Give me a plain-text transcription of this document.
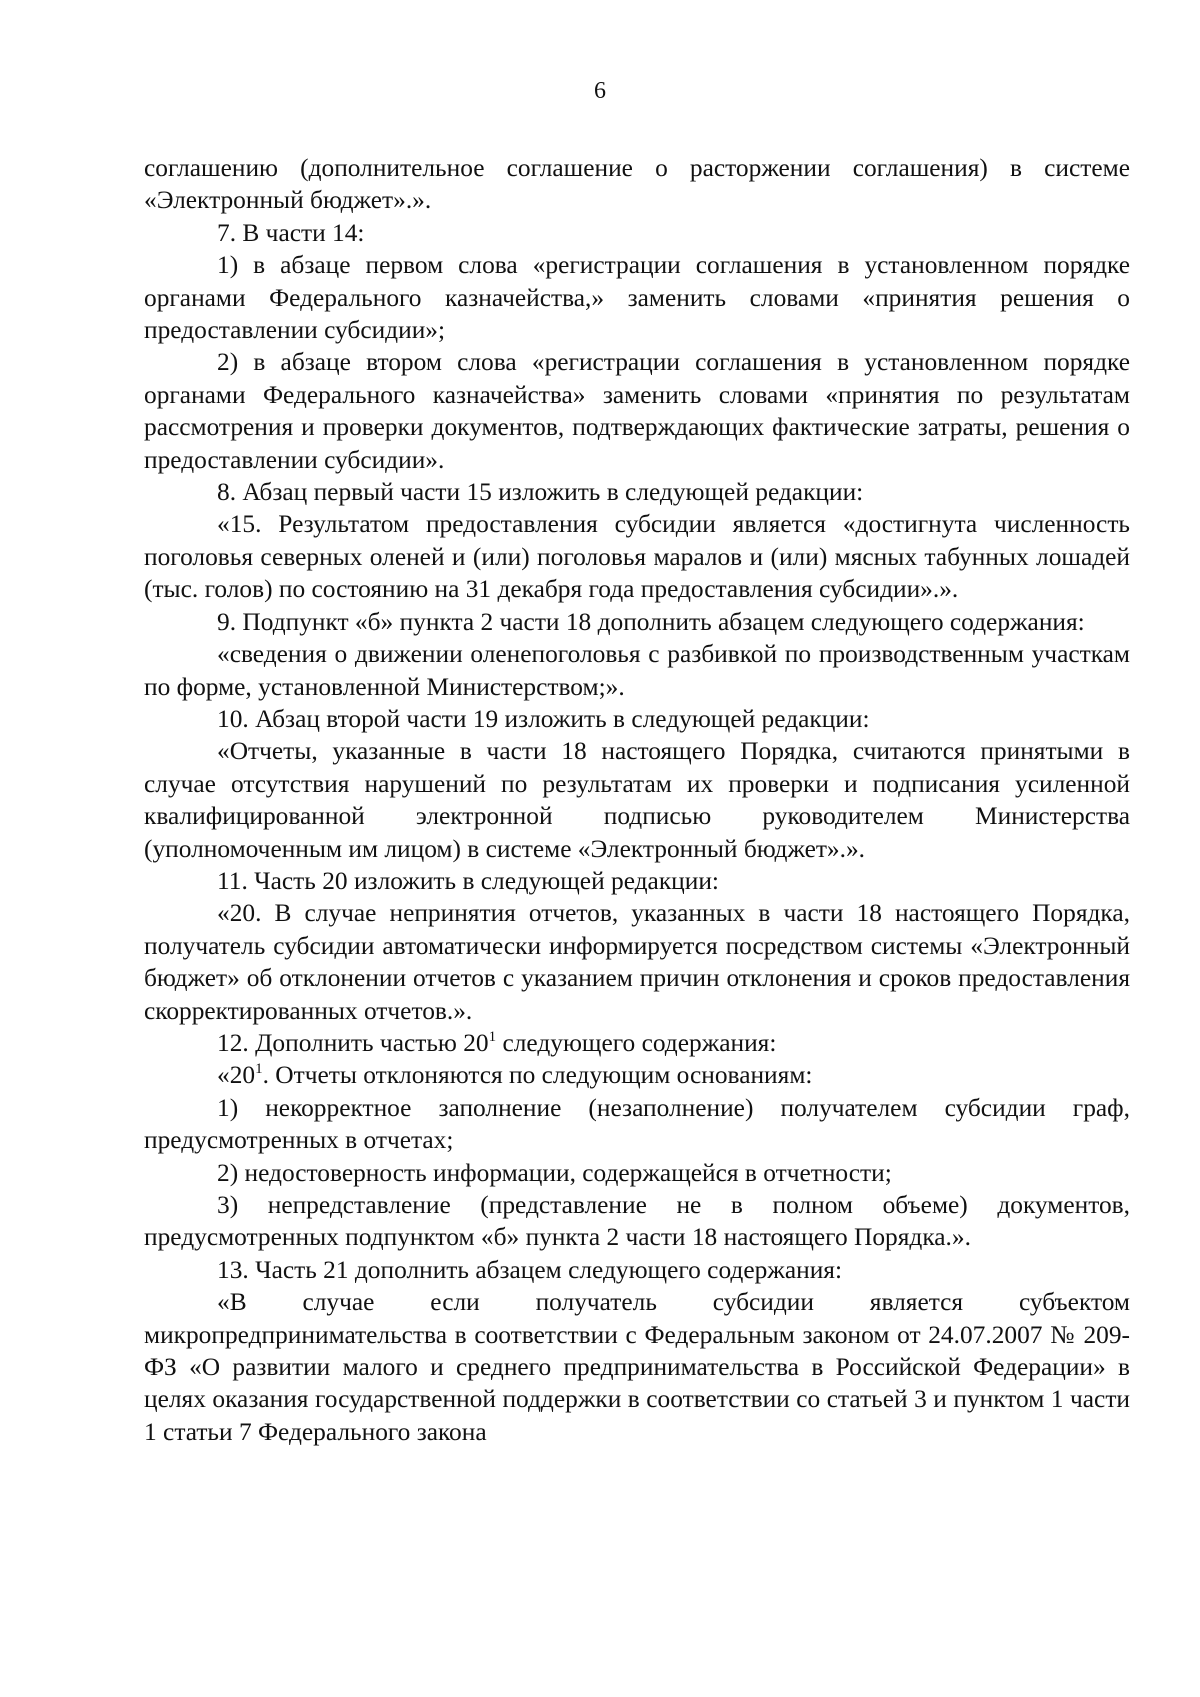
6

соглашению (дополнительное соглашение о расторжении соглашения) в системе «Электронный бюджет».».

7. В части 14:

1) в абзаце первом слова «регистрации соглашения в установленном порядке органами Федерального казначейства,» заменить словами «принятия решения о предоставлении субсидии»;

2) в абзаце втором слова «регистрации соглашения в установленном порядке органами Федерального казначейства» заменить словами «принятия по результатам рассмотрения и проверки документов, подтверждающих фактические затраты, решения о предоставлении субсидии».

8. Абзац первый части 15 изложить в следующей редакции:

«15. Результатом предоставления субсидии является «достигнута численность поголовья северных оленей и (или) поголовья маралов и (или) мясных табунных лошадей (тыс. голов) по состоянию на 31 декабря года предоставления субсидии».».

9. Подпункт «б» пункта 2 части 18 дополнить абзацем следующего содержания:

«сведения о движении оленепоголовья с разбивкой по производственным участкам по форме, установленной Министерством;».

10. Абзац второй части 19 изложить в следующей редакции:

«Отчеты, указанные в части 18 настоящего Порядка, считаются принятыми в случае отсутствия нарушений по результатам их проверки и подписания усиленной квалифицированной электронной подписью руководителем Министерства (уполномоченным им лицом) в системе «Электронный бюджет».».

11. Часть 20 изложить в следующей редакции:

«20. В случае непринятия отчетов, указанных в части 18 настоящего Порядка, получатель субсидии автоматически информируется посредством системы «Электронный бюджет» об отклонении отчетов с указанием причин отклонения и сроков предоставления скорректированных отчетов.».

12. Дополнить частью $20^1$ следующего содержания:

«$20^1$. Отчеты отклоняются по следующим основаниям:

1) некорректное заполнение (незаполнение) получателем субсидии граф, предусмотренных в отчетах;

2) недостоверность информации, содержащейся в отчетности;

3) непредставление (представление не в полном объеме) документов, предусмотренных подпунктом «б» пункта 2 части 18 настоящего Порядка.».

13. Часть 21 дополнить абзацем следующего содержания:

«В случае если получатель субсидии является субъектом микропредпринимательства в соответствии с Федеральным законом от 24.07.2007 № 209-ФЗ «О развитии малого и среднего предпринимательства в Российской Федерации» в целях оказания государственной поддержки в соответствии со статьей 3 и пунктом 1 части 1 статьи 7 Федерального закона
